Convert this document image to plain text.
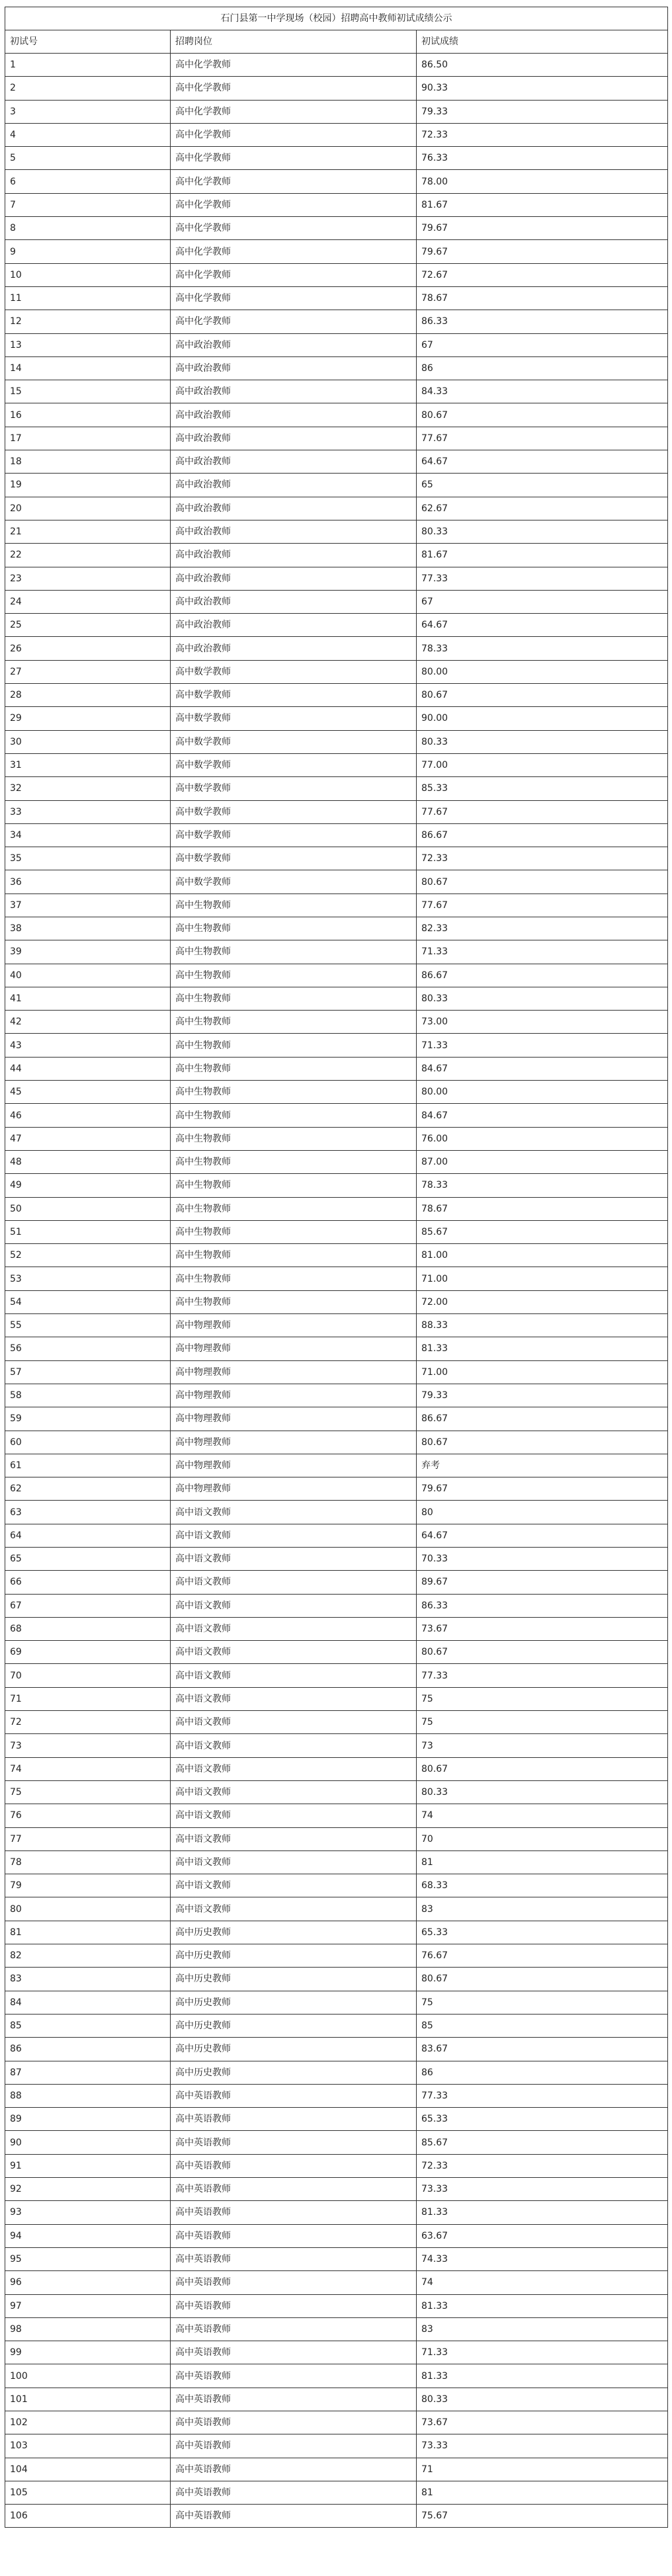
石门县第一中学现场（校园）招聘高中教师初试成绩公示		
初试号	招聘岗位	初试成绩
1	高中化学教师	86.50
2	高中化学教师	90.33
3	高中化学教师	79.33
4	高中化学教师	72.33
5	高中化学教师	76.33
6	高中化学教师	78.00
7	高中化学教师	81.67
8	高中化学教师	79.67
9	高中化学教师	79.67
10	高中化学教师	72.67
11	高中化学教师	78.67
12	高中化学教师	86.33
13	高中政治教师	67
14	高中政治教师	86
15	高中政治教师	84.33
16	高中政治教师	80.67
17	高中政治教师	77.67
18	高中政治教师	64.67
19	高中政治教师	65
20	高中政治教师	62.67
21	高中政治教师	80.33
22	高中政治教师	81.67
23	高中政治教师	77.33
24	高中政治教师	67
25	高中政治教师	64.67
26	高中政治教师	78.33
27	高中数学教师	80.00
28	高中数学教师	80.67
29	高中数学教师	90.00
30	高中数学教师	80.33
31	高中数学教师	77.00
32	高中数学教师	85.33
33	高中数学教师	77.67
34	高中数学教师	86.67
35	高中数学教师	72.33
36	高中数学教师	80.67
37	高中生物教师	77.67
38	高中生物教师	82.33
39	高中生物教师	71.33
40	高中生物教师	86.67
41	高中生物教师	80.33
42	高中生物教师	73.00
43	高中生物教师	71.33
44	高中生物教师	84.67
45	高中生物教师	80.00
46	高中生物教师	84.67
47	高中生物教师	76.00
48	高中生物教师	87.00
49	高中生物教师	78.33
50	高中生物教师	78.67
51	高中生物教师	85.67
52	高中生物教师	81.00
53	高中生物教师	71.00
54	高中生物教师	72.00
55	高中物理教师	88.33
56	高中物理教师	81.33
57	高中物理教师	71.00
58	高中物理教师	79.33
59	高中物理教师	86.67
60	高中物理教师	80.67
61	高中物理教师	弃考
62	高中物理教师	79.67
63	高中语文教师	80
64	高中语文教师	64.67
65	高中语文教师	70.33
66	高中语文教师	89.67
67	高中语文教师	86.33
68	高中语文教师	73.67
69	高中语文教师	80.67
70	高中语文教师	77.33
71	高中语文教师	75
72	高中语文教师	75
73	高中语文教师	73
74	高中语文教师	80.67
75	高中语文教师	80.33
76	高中语文教师	74
77	高中语文教师	70
78	高中语文教师	81
79	高中语文教师	68.33
80	高中语文教师	83
81	高中历史教师	65.33
82	高中历史教师	76.67
83	高中历史教师	80.67
84	高中历史教师	75
85	高中历史教师	85
86	高中历史教师	83.67
87	高中历史教师	86
88	高中英语教师	77.33
89	高中英语教师	65.33
90	高中英语教师	85.67
91	高中英语教师	72.33
92	高中英语教师	73.33
93	高中英语教师	81.33
94	高中英语教师	63.67
95	高中英语教师	74.33
96	高中英语教师	74
97	高中英语教师	81.33
98	高中英语教师	83
99	高中英语教师	71.33
100	高中英语教师	81.33
101	高中英语教师	80.33
102	高中英语教师	73.67
103	高中英语教师	73.33
104	高中英语教师	71
105	高中英语教师	81
106	高中英语教师	75.67
